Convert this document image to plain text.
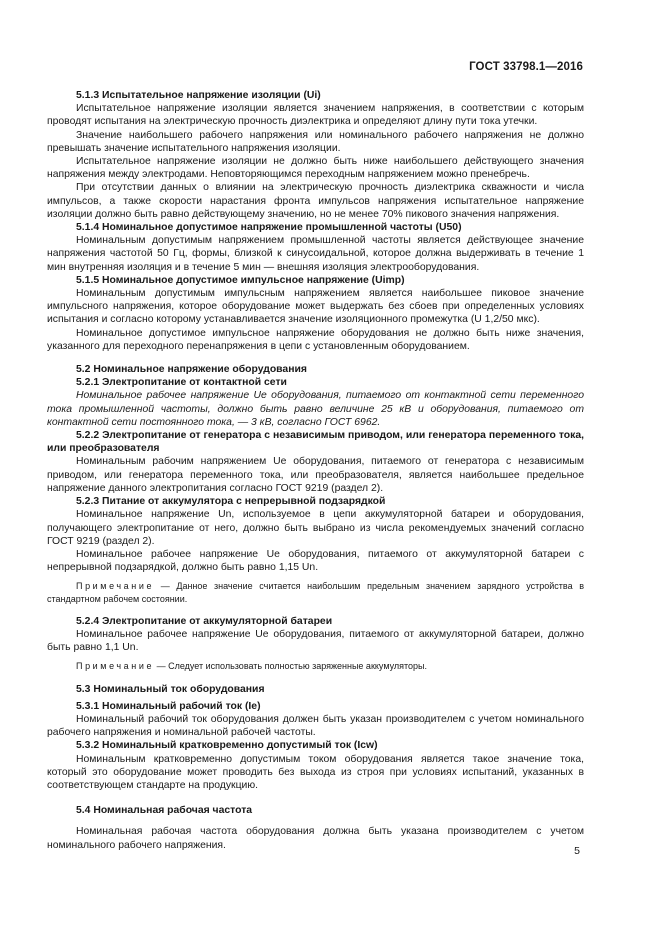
ГОСТ 33798.1—2016
5.1.3 Испытательное напряжение изоляции (Ui)
Испытательное напряжение изоляции является значением напряжения, в соответствии с которым проводят испытания на электрическую прочность диэлектрика и определяют длину пути тока утечки.
Значение наибольшего рабочего напряжения или номинального рабочего напряжения не должно превышать значение испытательного напряжения изоляции.
Испытательное напряжение изоляции не должно быть ниже наибольшего действующего значения напряжения между электродами. Неповторяющимся переходным напряжением можно пренебречь.
При отсутствии данных о влиянии на электрическую прочность диэлектрика скважности и числа импульсов, а также скорости нарастания фронта импульсов напряжения испытательное напряжение изоляции должно быть равно действующему значению, но не менее 70% пикового значения напряжения.
5.1.4 Номинальное допустимое напряжение промышленной частоты (U50)
Номинальным допустимым напряжением промышленной частоты является действующее значение напряжения частотой 50 Гц, формы, близкой к синусоидальной, которое должна выдерживать в течение 1 мин внутренняя изоляция и в течение 5 мин — внешняя изоляция электрооборудования.
5.1.5 Номинальное допустимое импульсное напряжение (Uimp)
Номинальным допустимым импульсным напряжением является наибольшее пиковое значение импульсного напряжения, которое оборудование может выдержать без сбоев при определенных условиях испытания и согласно которому устанавливается значение изоляционного промежутка (U 1,2/50 мкс).
Номинальное допустимое импульсное напряжение оборудования не должно быть ниже значения, указанного для переходного перенапряжения в цепи с установленным оборудованием.
5.2 Номинальное напряжение оборудования
5.2.1 Электропитание от контактной сети
Номинальное рабочее напряжение Ue оборудования, питаемого от контактной сети переменного тока промышленной частоты, должно быть равно величине 25 кВ и оборудования, питаемого от контактной сети постоянного тока, — 3 кВ, согласно ГОСТ 6962.
5.2.2 Электропитание от генератора с независимым приводом, или генератора переменного тока, или преобразователя
Номинальным рабочим напряжением Ue оборудования, питаемого от генератора с независимым приводом, или генератора переменного тока, или преобразователя, является наибольшее предельное напряжение данного электропитания согласно ГОСТ 9219 (раздел 2).
5.2.3 Питание от аккумулятора с непрерывной подзарядкой
Номинальное напряжение Un, используемое в цепи аккумуляторной батареи и оборудования, получающего электропитание от него, должно быть выбрано из числа рекомендуемых значений согласно ГОСТ 9219 (раздел 2).
Номинальное рабочее напряжение Ue оборудования, питаемого от аккумуляторной батареи с непрерывной подзарядкой, должно быть равно 1,15 Un.
Примечание — Данное значение считается наибольшим предельным значением зарядного устройства в стандартном рабочем состоянии.
5.2.4 Электропитание от аккумуляторной батареи
Номинальное рабочее напряжение Ue оборудования, питаемого от аккумуляторной батареи, должно быть равно 1,1 Un.
Примечание — Следует использовать полностью заряженные аккумуляторы.
5.3 Номинальный ток оборудования
5.3.1 Номинальный рабочий ток (Ie)
Номинальный рабочий ток оборудования должен быть указан производителем с учетом номинального рабочего напряжения и номинальной рабочей частоты.
5.3.2 Номинальный кратковременно допустимый ток (Icw)
Номинальным кратковременно допустимым током оборудования является такое значение тока, который это оборудование может проводить без выхода из строя при условиях испытаний, указанных в соответствующем стандарте на продукцию.
5.4 Номинальная рабочая частота
Номинальная рабочая частота оборудования должна быть указана производителем с учетом номинального рабочего напряжения.	5
